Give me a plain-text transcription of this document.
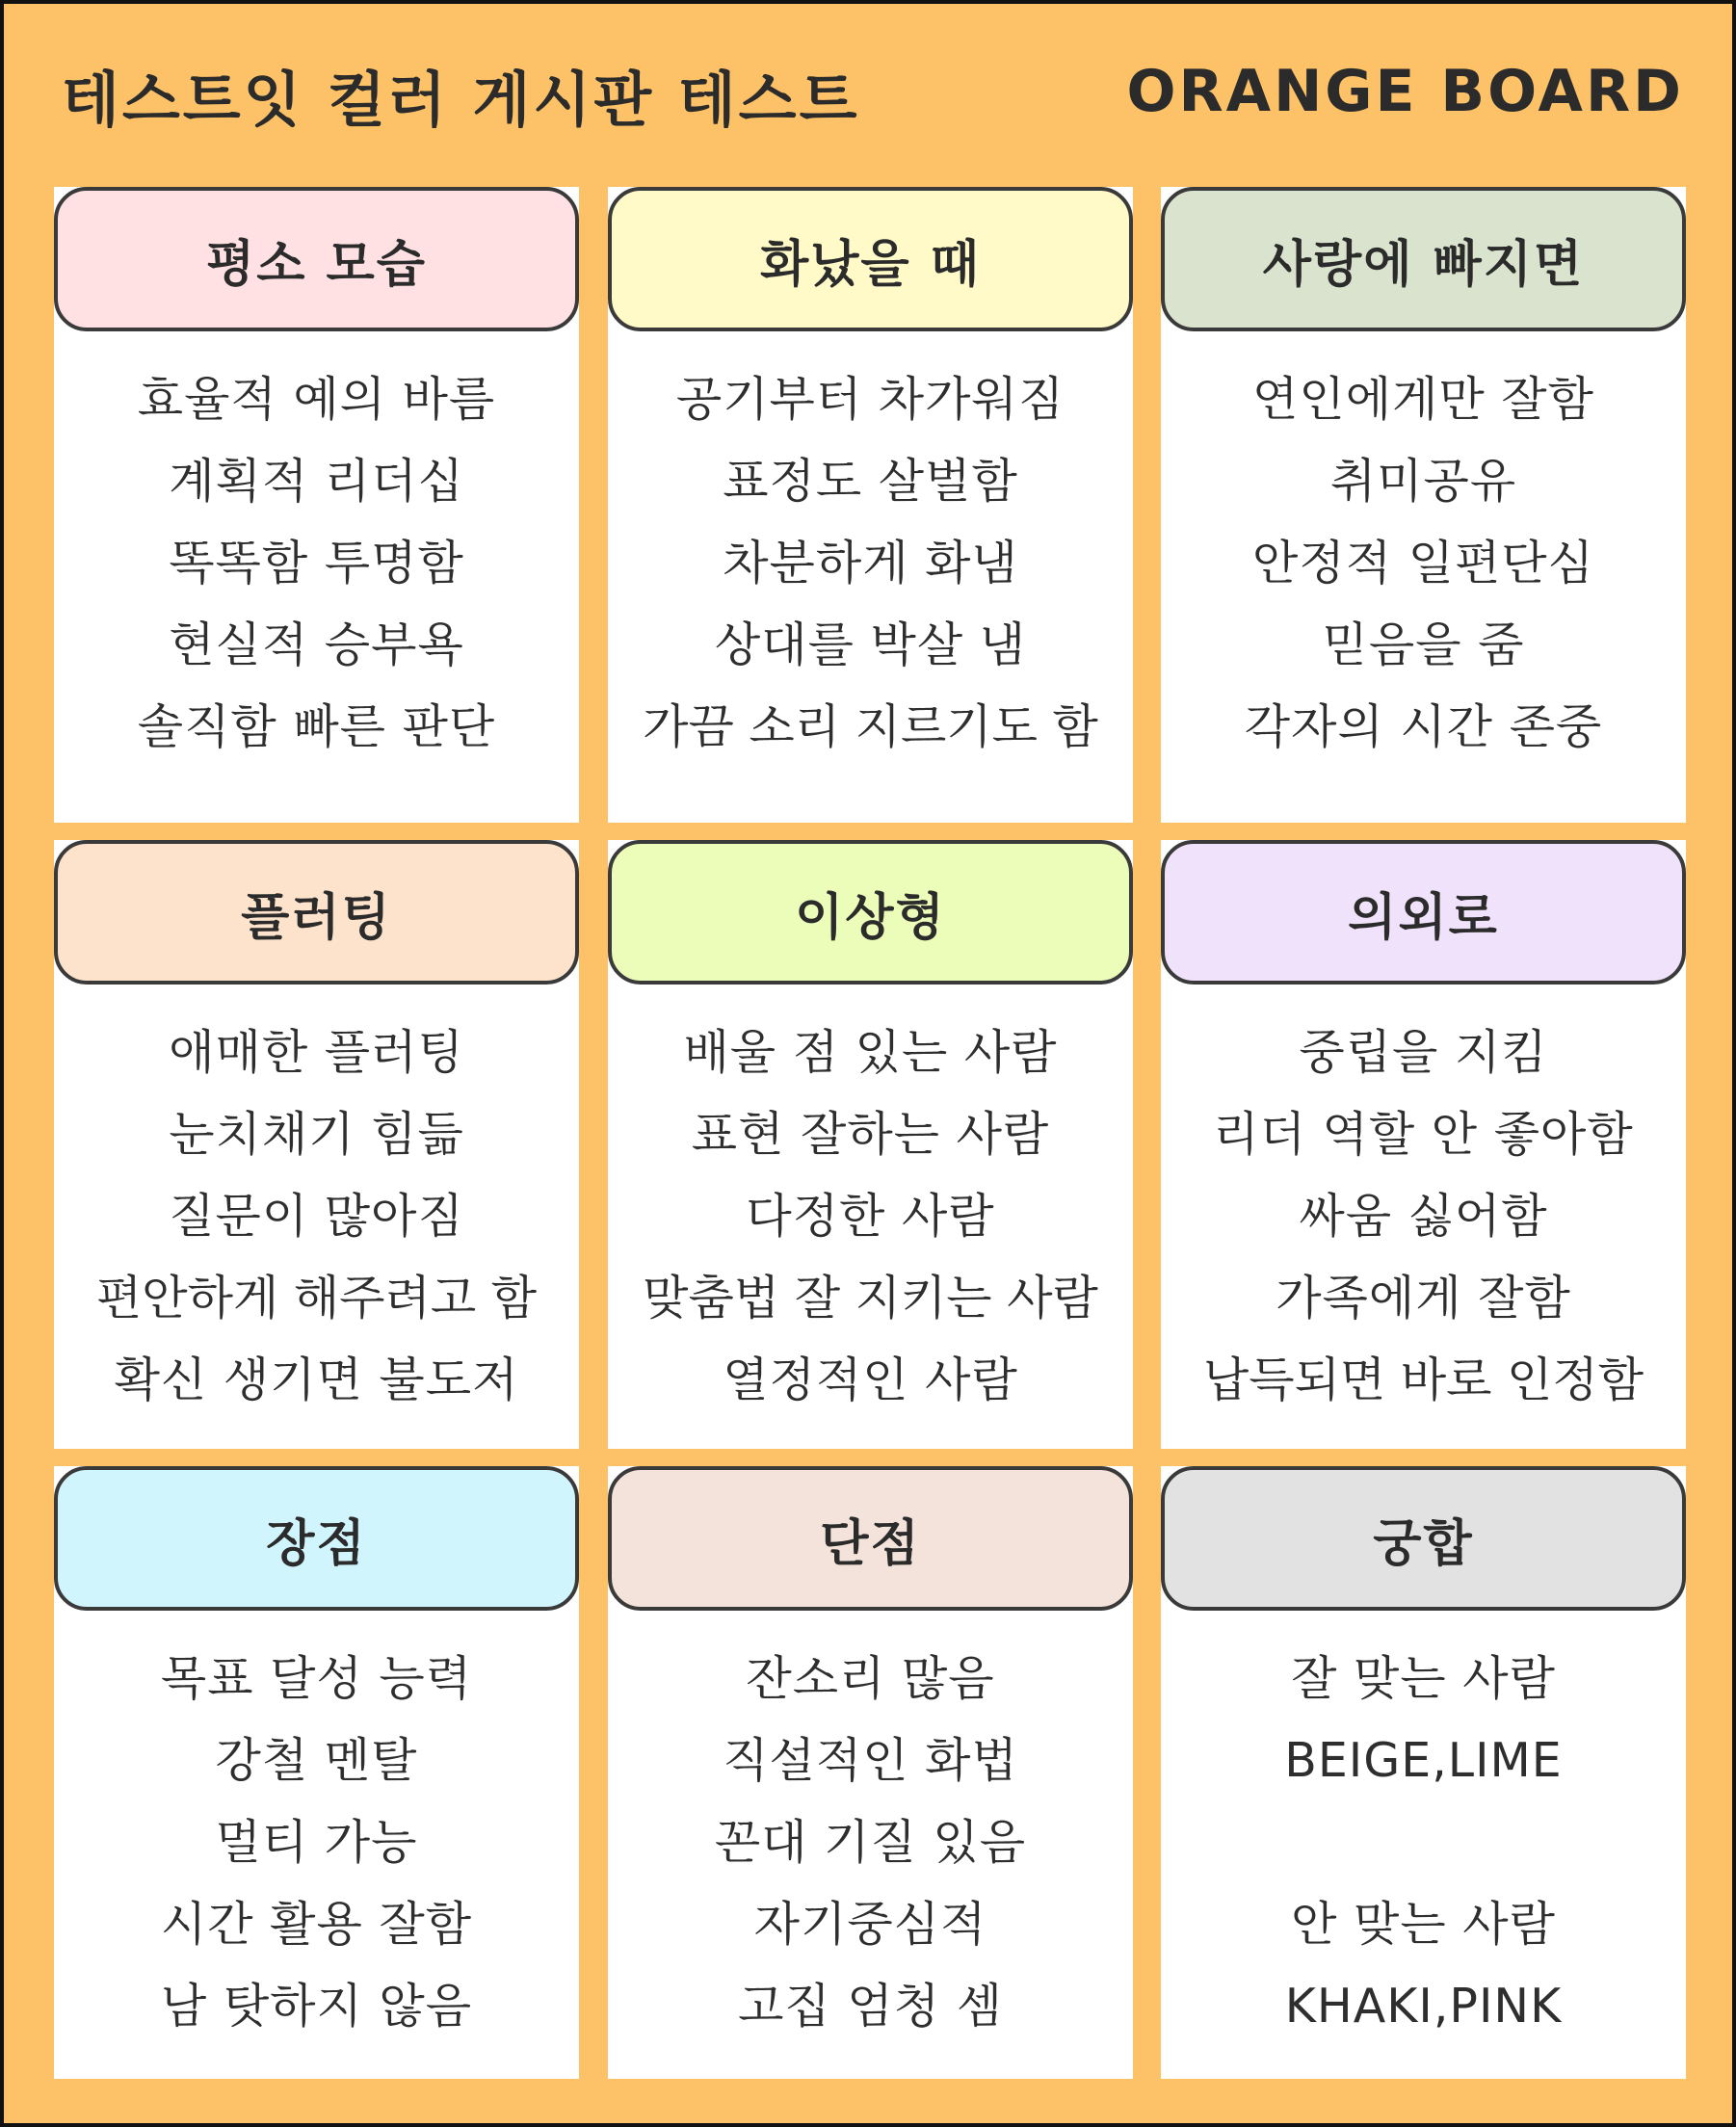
테스트잇 컬러 게시판 테스트	ORANGE BOARD
평소 모습
효율적 예의 바름
계획적 리더십
똑똑함 투명함
현실적 승부욕
솔직함 빠른 판단
화났을 때
공기부터 차가워짐
표정도 살벌함
차분하게 화냄
상대를 박살 냄
가끔 소리 지르기도 함
사랑에 빠지면
연인에게만 잘함
취미공유
안정적 일편단심
믿음을 줌
각자의 시간 존중
플러팅
애매한 플러팅
눈치채기 힘듦
질문이 많아짐
편안하게 해주려고 함
확신 생기면 불도저
이상형
배울 점 있는 사람
표현 잘하는 사람
다정한 사람
맞춤법 잘 지키는 사람
열정적인 사람
의외로
중립을 지킴
리더 역할 안 좋아함
싸움 싫어함
가족에게 잘함
납득되면 바로 인정함
장점
목표 달성 능력
강철 멘탈
멀티 가능
시간 활용 잘함
남 탓하지 않음
단점
잔소리 많음
직설적인 화법
꼰대 기질 있음
자기중심적
고집 엄청 셈
궁합
잘 맞는 사람
BEIGE,LIME
안 맞는 사람
KHAKI,PINK
